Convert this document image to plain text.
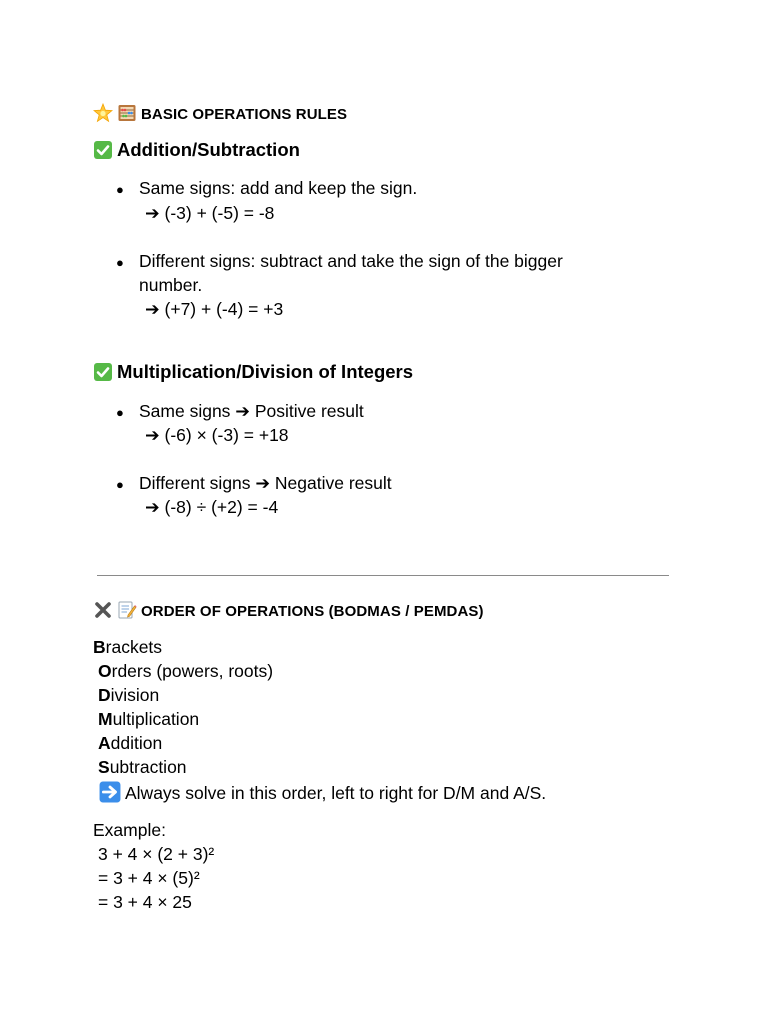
BASIC OPERATIONS RULES
Addition/Subtraction
● Same signs: add and keep the sign.
➔ (-3) + (-5) = -8
● Different signs: subtract and take the sign of the bigger
number.
➔ (+7) + (-4) = +3
Multiplication/Division of Integers
● Same signs ➔ Positive result
➔ (-6) × (-3) = +18
● Different signs ➔ Negative result
➔ (-8) ÷ (+2) = -4
ORDER OF OPERATIONS (BODMAS / PEMDAS)
Brackets
Orders (powers, roots)
Division
Multiplication
Addition
Subtraction
Always solve in this order, left to right for D/M and A/S.
Example:
3 + 4 × (2 + 3)²
= 3 + 4 × (5)²
= 3 + 4 × 25
